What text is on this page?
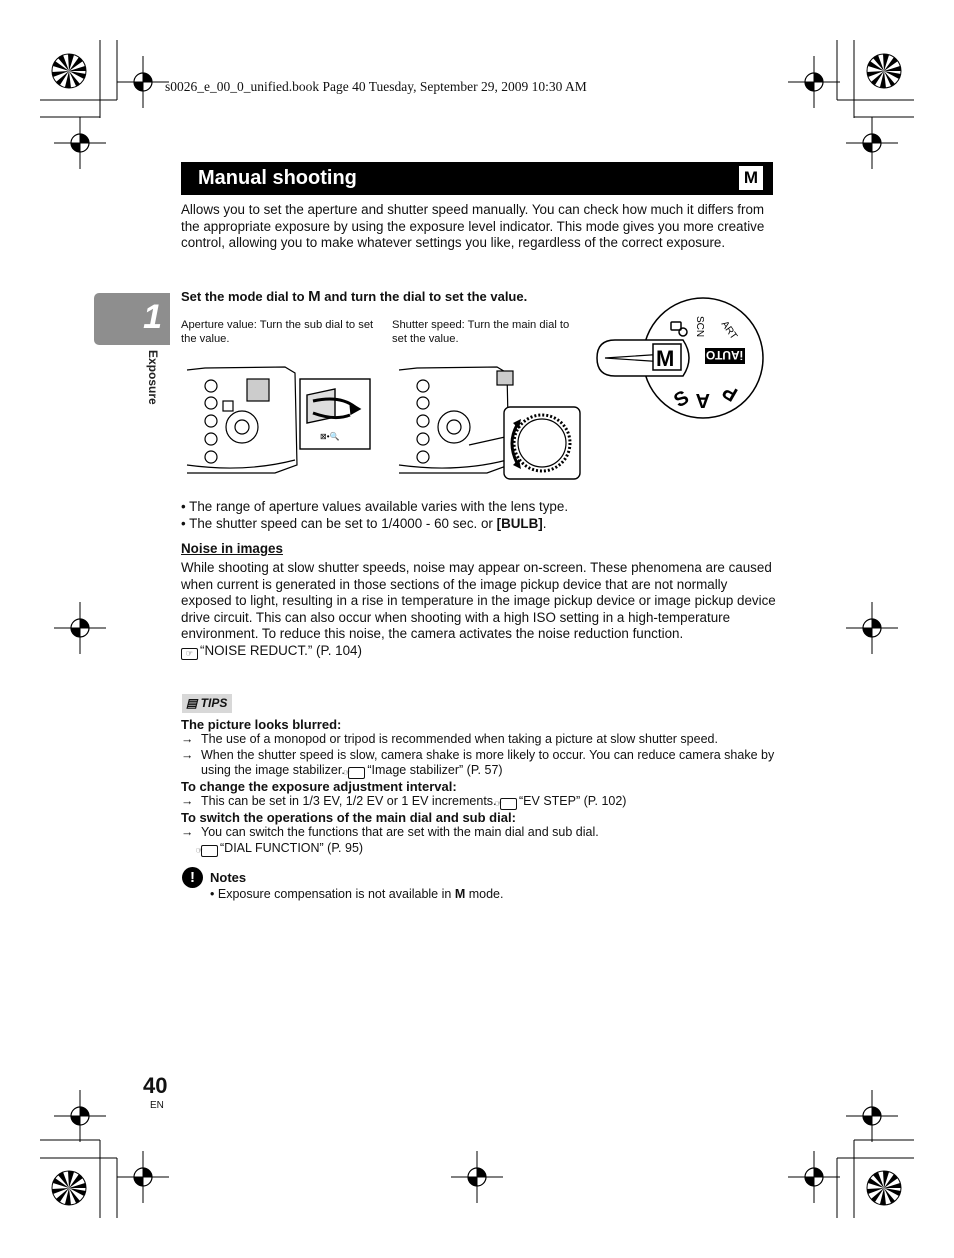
s0026_e_00_0_unified.book Page 40 Tuesday, September 29, 2009 10:30 AM
Manual shooting	M
Allows you to set the aperture and shutter speed manually. You can check how much it differs from the appropriate exposure by using the exposure level indicator. This mode gives you more creative control, allowing you to make whatever settings you like, regardless of the correct exposure.
1
Exposure
Set the mode dial to M and turn the dial to set the value.
Aperture value: Turn the sub dial to set the value.
Shutter speed: Turn the main dial to set the value.
⊠•🔍
M	iAUTO
S A P
SCN ART
• The range of aperture values available varies with the lens type.
• The shutter speed can be set to 1/4000 - 60 sec. or [BULB].
Noise in images
While shooting at slow shutter speeds, noise may appear on-screen. These phenomena are caused when current is generated in those sections of the image pickup device that are not normally exposed to light, resulting in a rise in temperature in the image pickup device or image pickup device drive circuit. This can also occur when shooting with a high ISO setting in a high-temperature environment. To reduce this noise, the camera activates the noise reduction function.
☞ “NOISE REDUCT.” (P. 104)
▤ TIPS
The picture looks blurred:
→ The use of a monopod or tripod is recommended when taking a picture at slow shutter speed.
→ When the shutter speed is slow, camera shake is more likely to occur. You can reduce camera shake by using the image stabilizer. ☞ “Image stabilizer” (P. 57)
To change the exposure adjustment interval:
→ This can be set in 1/3 EV, 1/2 EV or 1 EV increments. ☞ “EV STEP” (P. 102)
To switch the operations of the main dial and sub dial:
→ You can switch the functions that are set with the main dial and sub dial.
☞ “DIAL FUNCTION” (P. 95)
!	Notes
• Exposure compensation is not available in M mode.
40
EN
